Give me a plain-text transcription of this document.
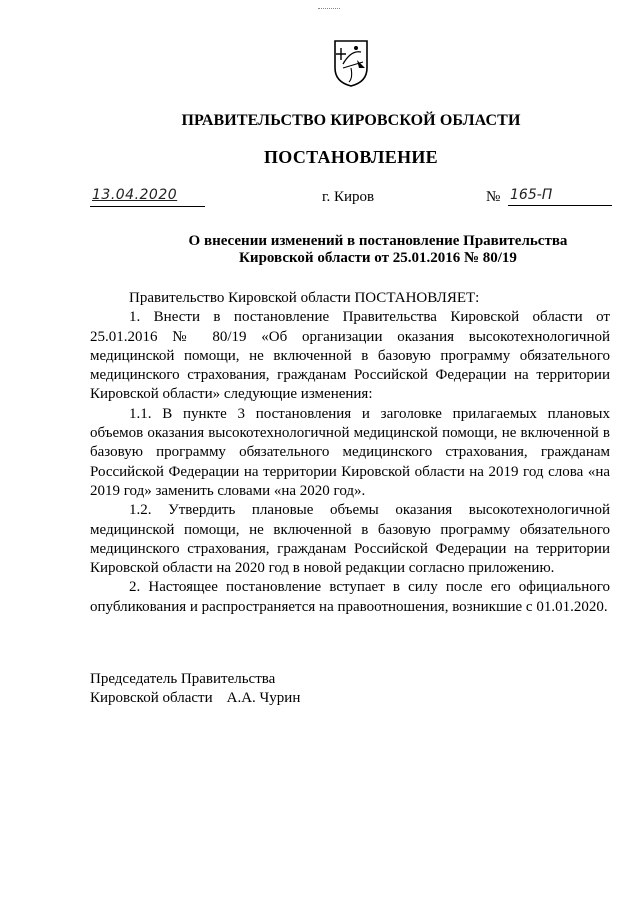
ПРАВИТЕЛЬСТВО КИРОВСКОЙ ОБЛАСТИ
ПОСТАНОВЛЕНИЕ
13.04.2020	г. Киров	№ 165-П
О внесении изменений в постановление Правительства
Кировской области от 25.01.2016 № 80/19

Правительство Кировской области ПОСТАНОВЛЯЕТ:

1. Внести в постановление Правительства Кировской области от 25.01.2016 № 80/19 «Об организации оказания высокотехнологичной медицинской помощи, не включенной в базовую программу обязательного медицинского страхования, гражданам Российской Федерации на территории Кировской области» следующие изменения:

1.1. В пункте 3 постановления и заголовке прилагаемых плановых объемов оказания высокотехнологичной медицинской помощи, не включенной в базовую программу обязательного медицинского страхования, гражданам Российской Федерации на территории Кировской области на 2019 год слова «на 2019 год» заменить словами «на 2020 год».

1.2. Утвердить плановые объемы оказания высокотехнологичной медицинской помощи, не включенной в базовую программу обязательного медицинского страхования, гражданам Российской Федерации на территории Кировской области на 2020 год в новой редакции согласно приложению.

2. Настоящее постановление вступает в силу после его официального опубликования и распространяется на правоотношения, возникшие с 01.01.2020.

Председатель Правительства
Кировской области А.А. Чурин
